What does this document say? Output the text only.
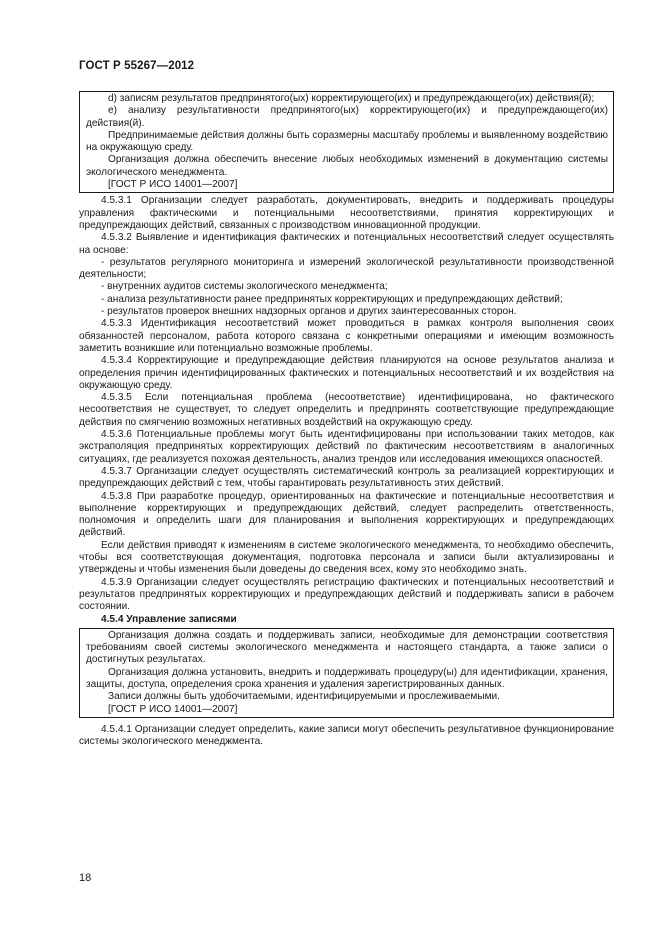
ГОСТ Р 55267—2012

d) записям результатов предпринятого(ых) корректирующего(их) и предупреждающего(их) действия(й);

e) анализу результативности предпринятого(ых) корректирующего(их) и предупреждающего(их) действия(й).

Предпринимаемые действия должны быть соразмерны масштабу проблемы и выявленному воздействию на окружающую среду.

Организация должна обеспечить внесение любых необходимых изменений в документацию системы экологического менеджмента.

[ГОСТ Р ИСО 14001—2007]

4.5.3.1 Организации следует разработать, документировать, внедрить и поддерживать процедуры управления фактическими и потенциальными несоответствиями, принятия корректирующих и предупреждающих действий, связанных с производством инновационной продукции.

4.5.3.2 Выявление и идентификация фактических и потенциальных несоответствий следует осуществлять на основе:

- результатов регулярного мониторинга и измерений экологической результативности производственной деятельности;

- внутренних аудитов системы экологического менеджмента;

- анализа результативности ранее предпринятых корректирующих и предупреждающих действий;

- результатов проверок внешних надзорных органов и других заинтересованных сторон.

4.5.3.3 Идентификация несоответствий может проводиться в рамках контроля выполнения своих обязанностей персоналом, работа которого связана с конкретными операциями и имеющим возможность заметить возникшие или потенциально возможные проблемы.

4.5.3.4 Корректирующие и предупреждающие действия планируются на основе результатов анализа и определения причин идентифицированных фактических и потенциальных несоответствий и их воздействия на окружающую среду.

4.5.3.5 Если потенциальная проблема (несоответствие) идентифицирована, но фактического несоответствия не существует, то следует определить и предпринять соответствующие предупреждающие действия по смягчению возможных негативных воздействий на окружающую среду.

4.5.3.6 Потенциальные проблемы могут быть идентифицированы при использовании таких методов, как экстраполяция предпринятых корректирующих действий по фактическим несоответствиям в аналогичных ситуациях, где реализуется похожая деятельность, анализ трендов или исследования имеющихся опасностей.

4.5.3.7 Организации следует осуществлять систематический контроль за реализацией корректирующих и предупреждающих действий с тем, чтобы гарантировать результативность этих действий.

4.5.3.8 При разработке процедур, ориентированных на фактические и потенциальные несоответствия и выполнение корректирующих и предупреждающих действий, следует распределить ответственность, полномочия и определить шаги для планирования и выполнения корректирующих и предупреждающих действий.

Если действия приводят к изменениям в системе экологического менеджмента, то необходимо обеспечить, чтобы вся соответствующая документация, подготовка персонала и записи были актуализированы и утверждены и чтобы изменения были доведены до сведения всех, кому это необходимо знать.

4.5.3.9 Организации следует осуществлять регистрацию фактических и потенциальных несоответствий и результатов предпринятых корректирующих и предупреждающих действий и поддерживать записи в рабочем состоянии.

4.5.4 Управление записями

Организация должна создать и поддерживать записи, необходимые для демонстрации соответствия требованиям своей системы экологического менеджмента и настоящего стандарта, а также записи о достигнутых результатах.

Организация должна установить, внедрить и поддерживать процедуру(ы) для идентификации, хранения, защиты, доступа, определения срока хранения и удаления зарегистрированных данных.

Записи должны быть удобочитаемыми, идентифицируемыми и прослеживаемыми.

[ГОСТ Р ИСО 14001—2007]

4.5.4.1 Организации следует определить, какие записи могут обеспечить результативное функционирование системы экологического менеджмента.

18
